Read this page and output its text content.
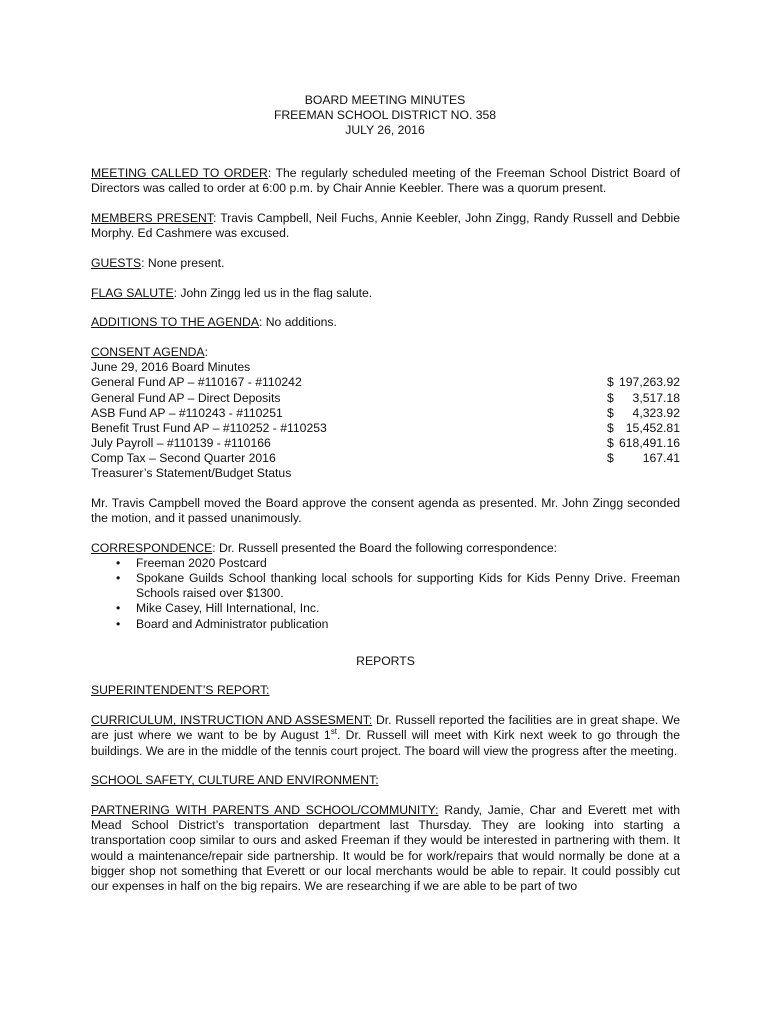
BOARD MEETING MINUTES
FREEMAN SCHOOL DISTRICT NO. 358
JULY 26, 2016

MEETING CALLED TO ORDER: The regularly scheduled meeting of the Freeman School District Board of Directors was called to order at 6:00 p.m. by Chair Annie Keebler. There was a quorum present.

MEMBERS PRESENT: Travis Campbell, Neil Fuchs, Annie Keebler, John Zingg, Randy Russell and Debbie Morphy. Ed Cashmere was excused.

GUESTS: None present.

FLAG SALUTE: John Zingg led us in the flag salute.

ADDITIONS TO THE AGENDA: No additions.

CONSENT AGENDA:
June 29, 2016 Board Minutes
General Fund AP – #110167 - #110242	$ 197,263.92
General Fund AP – Direct Deposits	$ 3,517.18
ASB Fund AP – #110243 - #110251	$ 4,323.92
Benefit Trust Fund AP – #110252 - #110253	$ 15,452.81
July Payroll – #110139 - #110166	$ 618,491.16
Comp Tax – Second Quarter 2016	$ 167.41
Treasurer’s Statement/Budget Status

Mr. Travis Campbell moved the Board approve the consent agenda as presented. Mr. John Zingg seconded the motion, and it passed unanimously.

CORRESPONDENCE: Dr. Russell presented the Board the following correspondence:
• Freeman 2020 Postcard
• Spokane Guilds School thanking local schools for supporting Kids for Kids Penny Drive. Freeman Schools raised over $1300.
• Mike Casey, Hill International, Inc.
• Board and Administrator publication
REPORTS

SUPERINTENDENT’S REPORT:

CURRICULUM, INSTRUCTION AND ASSESMENT: Dr. Russell reported the facilities are in great shape. We are just where we want to be by August 1st. Dr. Russell will meet with Kirk next week to go through the buildings. We are in the middle of the tennis court project. The board will view the progress after the meeting.

SCHOOL SAFETY, CULTURE AND ENVIRONMENT:

PARTNERING WITH PARENTS AND SCHOOL/COMMUNITY: Randy, Jamie, Char and Everett met with Mead School District’s transportation department last Thursday. They are looking into starting a transportation coop similar to ours and asked Freeman if they would be interested in partnering with them. It would a maintenance/repair side partnership. It would be for work/repairs that would normally be done at a bigger shop not something that Everett or our local merchants would be able to repair. It could possibly cut our expenses in half on the big repairs. We are researching if we are able to be part of two
